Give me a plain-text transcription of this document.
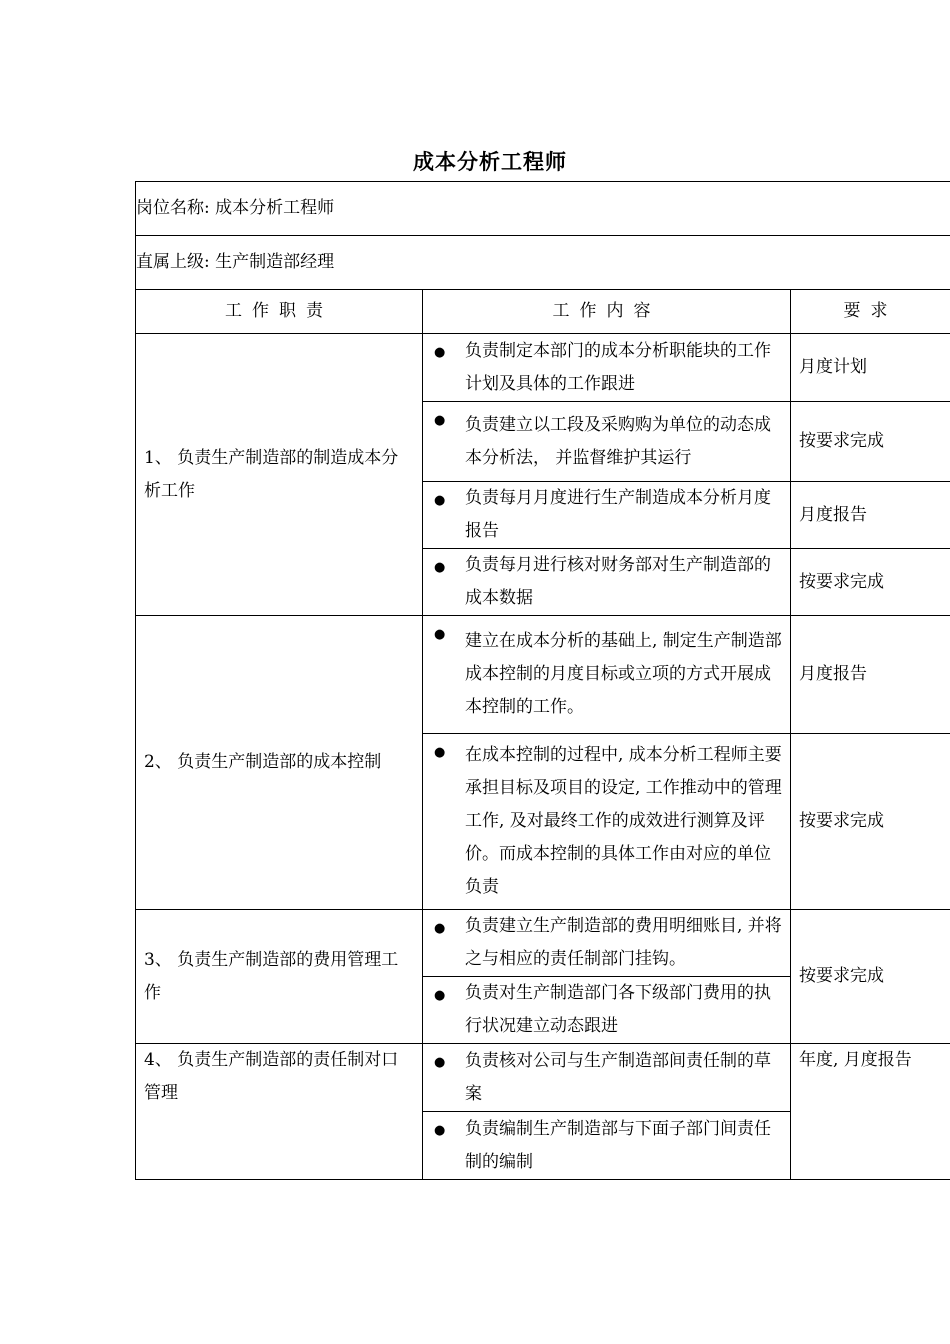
成本分析工程师
岗位名称: 成本分析工程师		
直属上级: 生产制造部经理		
工作职责	工作内容	要求
1、 负责生产制造部的制造成本分析工作	● 负责制定本部门的成本分析职能块的工作计划及具体的工作跟进	月度计划

	● 负责建立以工段及采购购为单位的动态成本分析法， 并监督维护其运行	按要求完成

	● 负责每月月度进行生产制造成本分析月度报告	月度报告

	● 负责每月进行核对财务部对生产制造部的成本数据	按要求完成
2、 负责生产制造部的成本控制	● 建立在成本分析的基础上, 制定生产制造部成本控制的月度目标或立项的方式开展成本控制的工作。	月度报告

	● 在成本控制的过程中, 成本分析工程师主要承担目标及项目的设定, 工作推动中的管理工作, 及对最终工作的成效进行测算及评价。而成本控制的具体工作由对应的单位负责	按要求完成
3、 负责生产制造部的费用管理工作	● 负责建立生产制造部的费用明细账目, 并将之与相应的责任制部门挂钩。	按要求完成

	● 负责对生产制造部门各下级部门费用的执行状况建立动态跟进	
4、 负责生产制造部的责任制对口管理	● 负责核对公司与生产制造部间责任制的草案	年度, 月度报告

	● 负责编制生产制造部与下面子部门间责任制的编制	
